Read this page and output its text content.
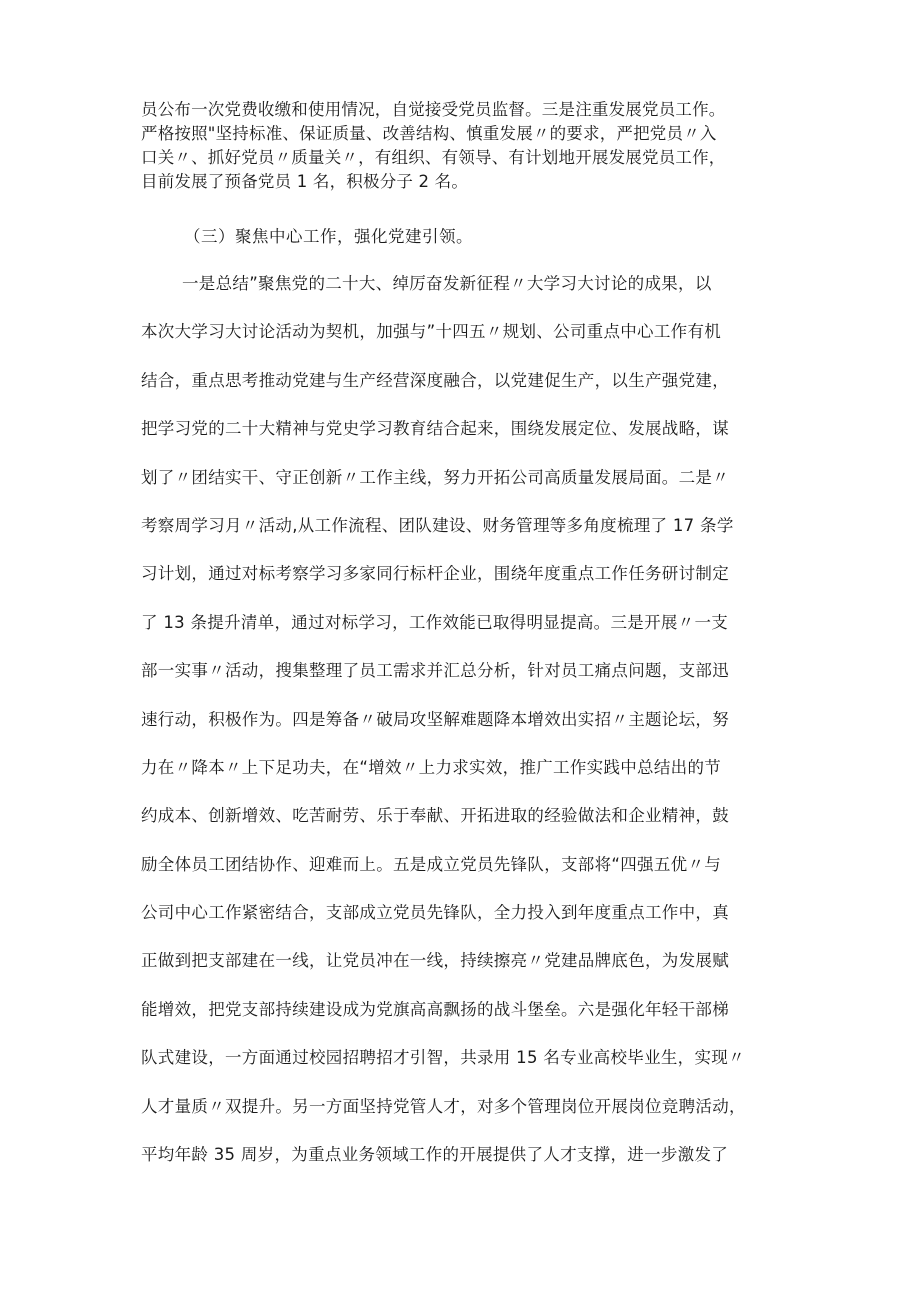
员公布一次党费收缴和使用情况，自觉接受党员监督。三是注重发展党员工作。
严格按照"坚持标准、保证质量、改善结构、慎重发展〃的要求，严把党员〃入
口关〃、抓好党员〃质量关〃，有组织、有领导、有计划地开展发展党员工作，
目前发展了预备党员 1 名，积极分子 2 名。
（三）聚焦中心工作，强化党建引领。
一是总结”聚焦党的二十大、绰厉奋发新征程〃大学习大讨论的成果，以
本次大学习大讨论活动为契机，加强与”十四五〃规划、公司重点中心工作有机
结合，重点思考推动党建与生产经营深度融合，以党建促生产，以生产强党建，
把学习党的二十大精神与党史学习教育结合起来，围绕发展定位、发展战略，谋
划了〃团结实干、守正创新〃工作主线，努力开拓公司高质量发展局面。二是〃
考察周学习月〃活动,从工作流程、团队建设、财务管理等多角度梳理了 17 条学
习计划，通过对标考察学习多家同行标杆企业，围绕年度重点工作任务研讨制定
了 13 条提升清单，通过对标学习，工作效能已取得明显提高。三是开展〃一支
部一实事〃活动，搜集整理了员工需求并汇总分析，针对员工痛点问题，支部迅
速行动，积极作为。四是筹备〃破局攻坚解难题降本增效出实招〃主题论坛，努
力在〃降本〃上下足功夫，在“增效〃上力求实效，推广工作实践中总结出的节
约成本、创新增效、吃苦耐劳、乐于奉献、开拓进取的经验做法和企业精神，鼓
励全体员工团结协作、迎难而上。五是成立党员先锋队，支部将“四强五优〃与
公司中心工作紧密结合，支部成立党员先锋队，全力投入到年度重点工作中，真
正做到把支部建在一线，让党员冲在一线，持续擦亮〃党建品牌底色，为发展赋
能增效，把党支部持续建设成为党旗高高飘扬的战斗堡垒。六是强化年轻干部梯
队式建设，一方面通过校园招聘招才引智，共录用 15 名专业高校毕业生，实现〃
人才量质〃双提升。另一方面坚持党管人才，对多个管理岗位开展岗位竞聘活动，
平均年龄 35 周岁，为重点业务领域工作的开展提供了人才支撑，进一步激发了
